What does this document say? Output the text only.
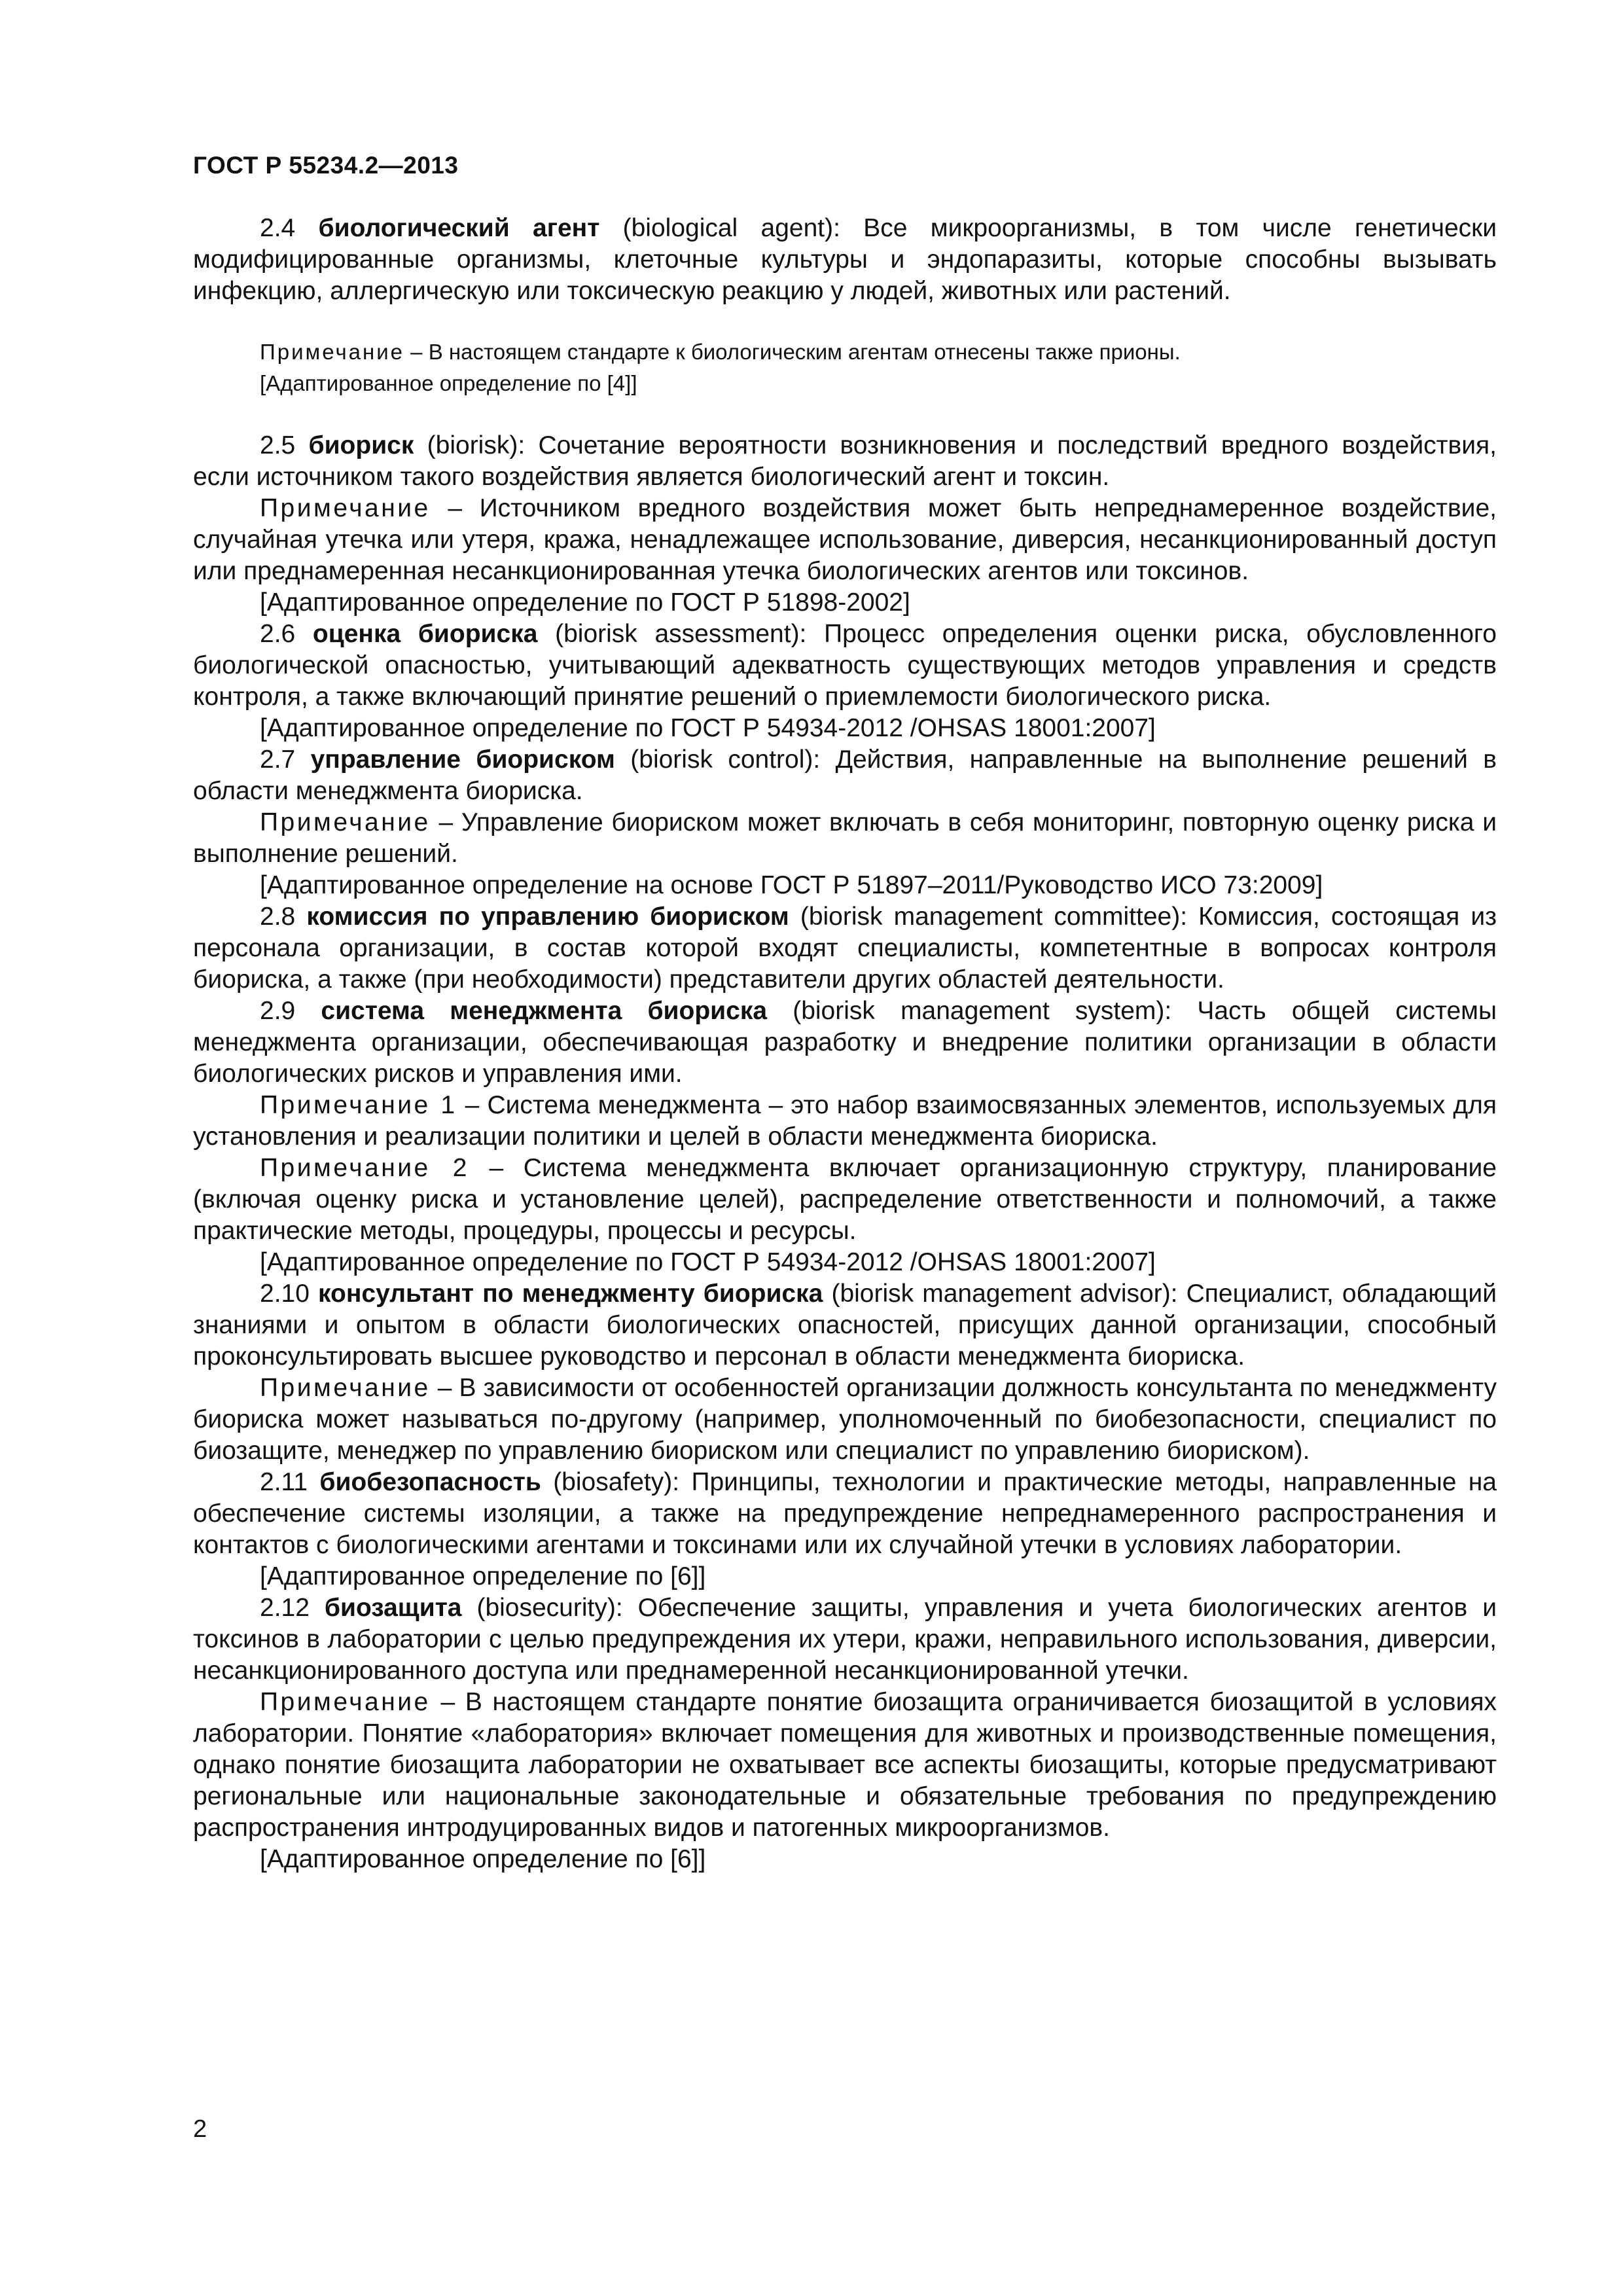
ГОСТ Р 55234.2—2013

2.4 биологический агент (biological agent): Все микроорганизмы, в том числе генетически модифицированные организмы, клеточные культуры и эндопаразиты, которые способны вызывать инфекцию, аллергическую или токсическую реакцию у людей, животных или растений.

Примечание – В настоящем стандарте к биологическим агентам отнесены также прионы.
[Адаптированное определение по [4]]

2.5 биориск (biorisk): Сочетание вероятности возникновения и последствий вредного воздействия, если источником такого воздействия является биологический агент и токсин.

Примечание – Источником вредного воздействия может быть непреднамеренное воздействие, случайная утечка или утеря, кража, ненадлежащее использование, диверсия, несанкционированный доступ или преднамеренная несанкционированная утечка биологических агентов или токсинов.

[Адаптированное определение по ГОСТ Р 51898-2002]

2.6 оценка биориска (biorisk assessment): Процесс определения оценки риска, обусловленного биологической опасностью, учитывающий адекватность существующих методов управления и средств контроля, а также включающий принятие решений о приемлемости биологического риска.

[Адаптированное определение по ГОСТ Р 54934-2012 /OHSAS 18001:2007]

2.7 управление биориском (biorisk control): Действия, направленные на выполнение решений в области менеджмента биориска.

Примечание – Управление биориском может включать в себя мониторинг, повторную оценку риска и выполнение решений.

[Адаптированное определение на основе ГОСТ Р 51897–2011/Руководство ИСО 73:2009]

2.8 комиссия по управлению биориском (biorisk management committee): Комиссия, состоящая из персонала организации, в состав которой входят специалисты, компетентные в вопросах контроля биориска, а также (при необходимости) представители других областей деятельности.

2.9 система менеджмента биориска (biorisk management system): Часть общей системы менеджмента организации, обеспечивающая разработку и внедрение политики организации в области биологических рисков и управления ими.

Примечание 1 – Система менеджмента – это набор взаимосвязанных элементов, используемых для установления и реализации политики и целей в области менеджмента биориска.

Примечание 2 – Система менеджмента включает организационную структуру, планирование (включая оценку риска и установление целей), распределение ответственности и полномочий, а также практические методы, процедуры, процессы и ресурсы.

[Адаптированное определение по ГОСТ Р 54934-2012 /OHSAS 18001:2007]

2.10 консультант по менеджменту биориска (biorisk management advisor): Специалист, обладающий знаниями и опытом в области биологических опасностей, присущих данной организации, способный проконсультировать высшее руководство и персонал в области менеджмента биориска.

Примечание – В зависимости от особенностей организации должность консультанта по менеджменту биориска может называться по-другому (например, уполномоченный по биобезопасности, специалист по биозащите, менеджер по управлению биориском или специалист по управлению биориском).

2.11 биобезопасность (biosafety): Принципы, технологии и практические методы, направленные на обеспечение системы изоляции, а также на предупреждение непреднамеренного распространения и контактов с биологическими агентами и токсинами или их случайной утечки в условиях лаборатории.

[Адаптированное определение по [6]]

2.12 биозащита (biosecurity): Обеспечение защиты, управления и учета биологических агентов и токсинов в лаборатории с целью предупреждения их утери, кражи, неправильного использования, диверсии, несанкционированного доступа или преднамеренной несанкционированной утечки.

Примечание – В настоящем стандарте понятие биозащита ограничивается биозащитой в условиях лаборатории. Понятие «лаборатория» включает помещения для животных и производственные помещения, однако понятие биозащита лаборатории не охватывает все аспекты биозащиты, которые предусматривают региональные или национальные законодательные и обязательные требования по предупреждению распространения интродуцированных видов и патогенных микроорганизмов.

[Адаптированное определение по [6]]

2
